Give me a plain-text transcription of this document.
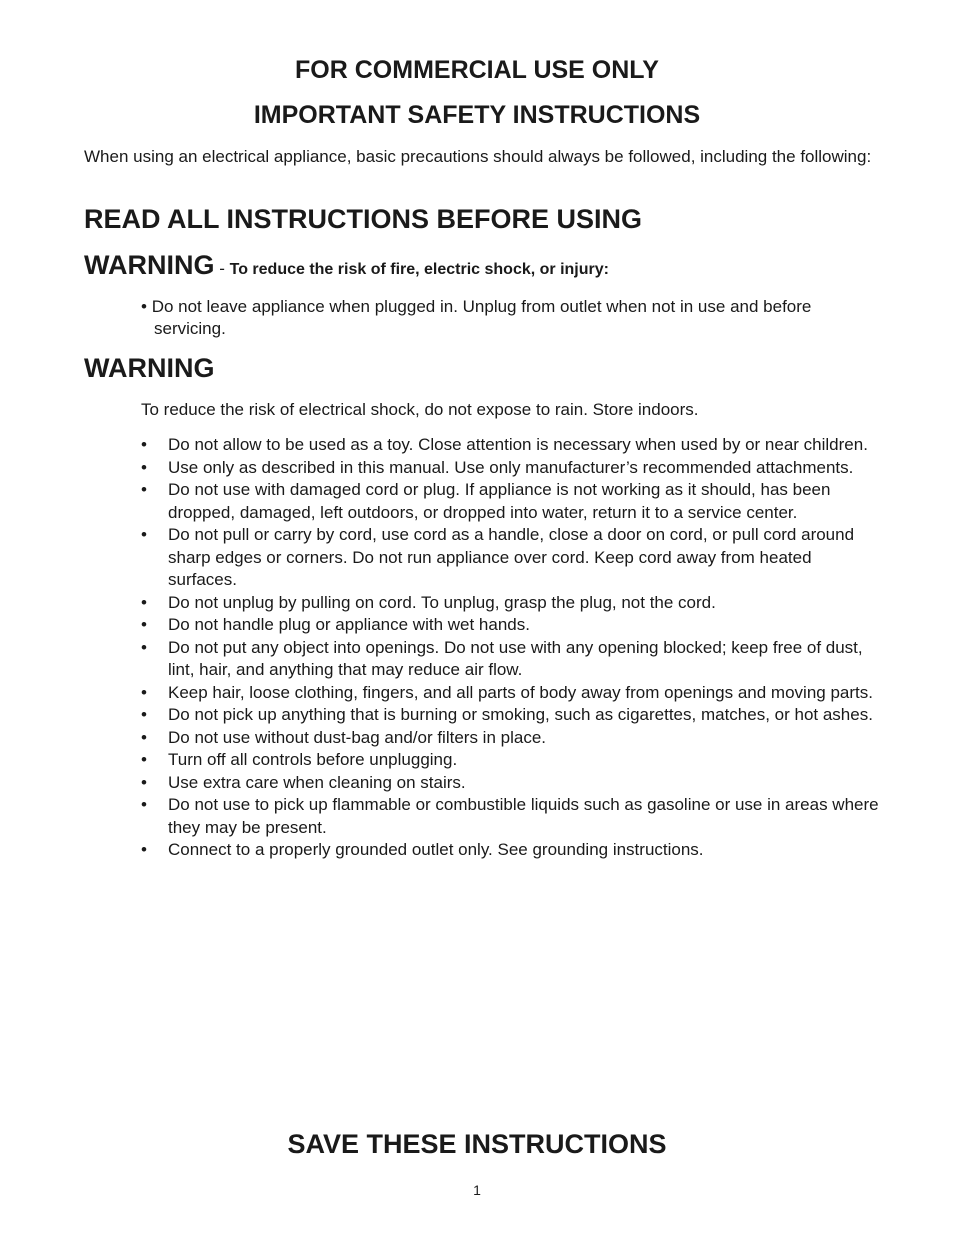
FOR COMMERCIAL USE ONLY
IMPORTANT SAFETY INSTRUCTIONS

When using an electrical appliance, basic precautions should always be followed, including the following:

READ ALL INSTRUCTIONS BEFORE USING

WARNING - To reduce the risk of fire, electric shock, or injury:

• Do not leave appliance when plugged in. Unplug from outlet when not in use and before servicing.

WARNING

To reduce the risk of electrical shock, do not expose to rain. Store indoors.

• Do not allow to be used as a toy. Close attention is necessary when used by or near children.
• Use only as described in this manual. Use only manufacturer’s recommended attachments.
• Do not use with damaged cord or plug. If appliance is not working as it should, has been dropped, damaged, left outdoors, or dropped into water, return it to a service center.
• Do not pull or carry by cord, use cord as a handle, close a door on cord, or pull cord around sharp edges or corners. Do not run appliance over cord. Keep cord away from heated surfaces.
• Do not unplug by pulling on cord. To unplug, grasp the plug, not the cord.
• Do not handle plug or appliance with wet hands.
• Do not put any object into openings. Do not use with any opening blocked; keep free of dust, lint, hair, and anything that may reduce air flow.
• Keep hair, loose clothing, fingers, and all parts of body away from openings and moving parts.
• Do not pick up anything that is burning or smoking, such as cigarettes, matches, or hot ashes.
• Do not use without dust-bag and/or filters in place.
• Turn off all controls before unplugging.
• Use extra care when cleaning on stairs.
• Do not use to pick up flammable or combustible liquids such as gasoline or use in areas where they may be present.
• Connect to a properly grounded outlet only. See grounding instructions.
SAVE THESE INSTRUCTIONS

1
